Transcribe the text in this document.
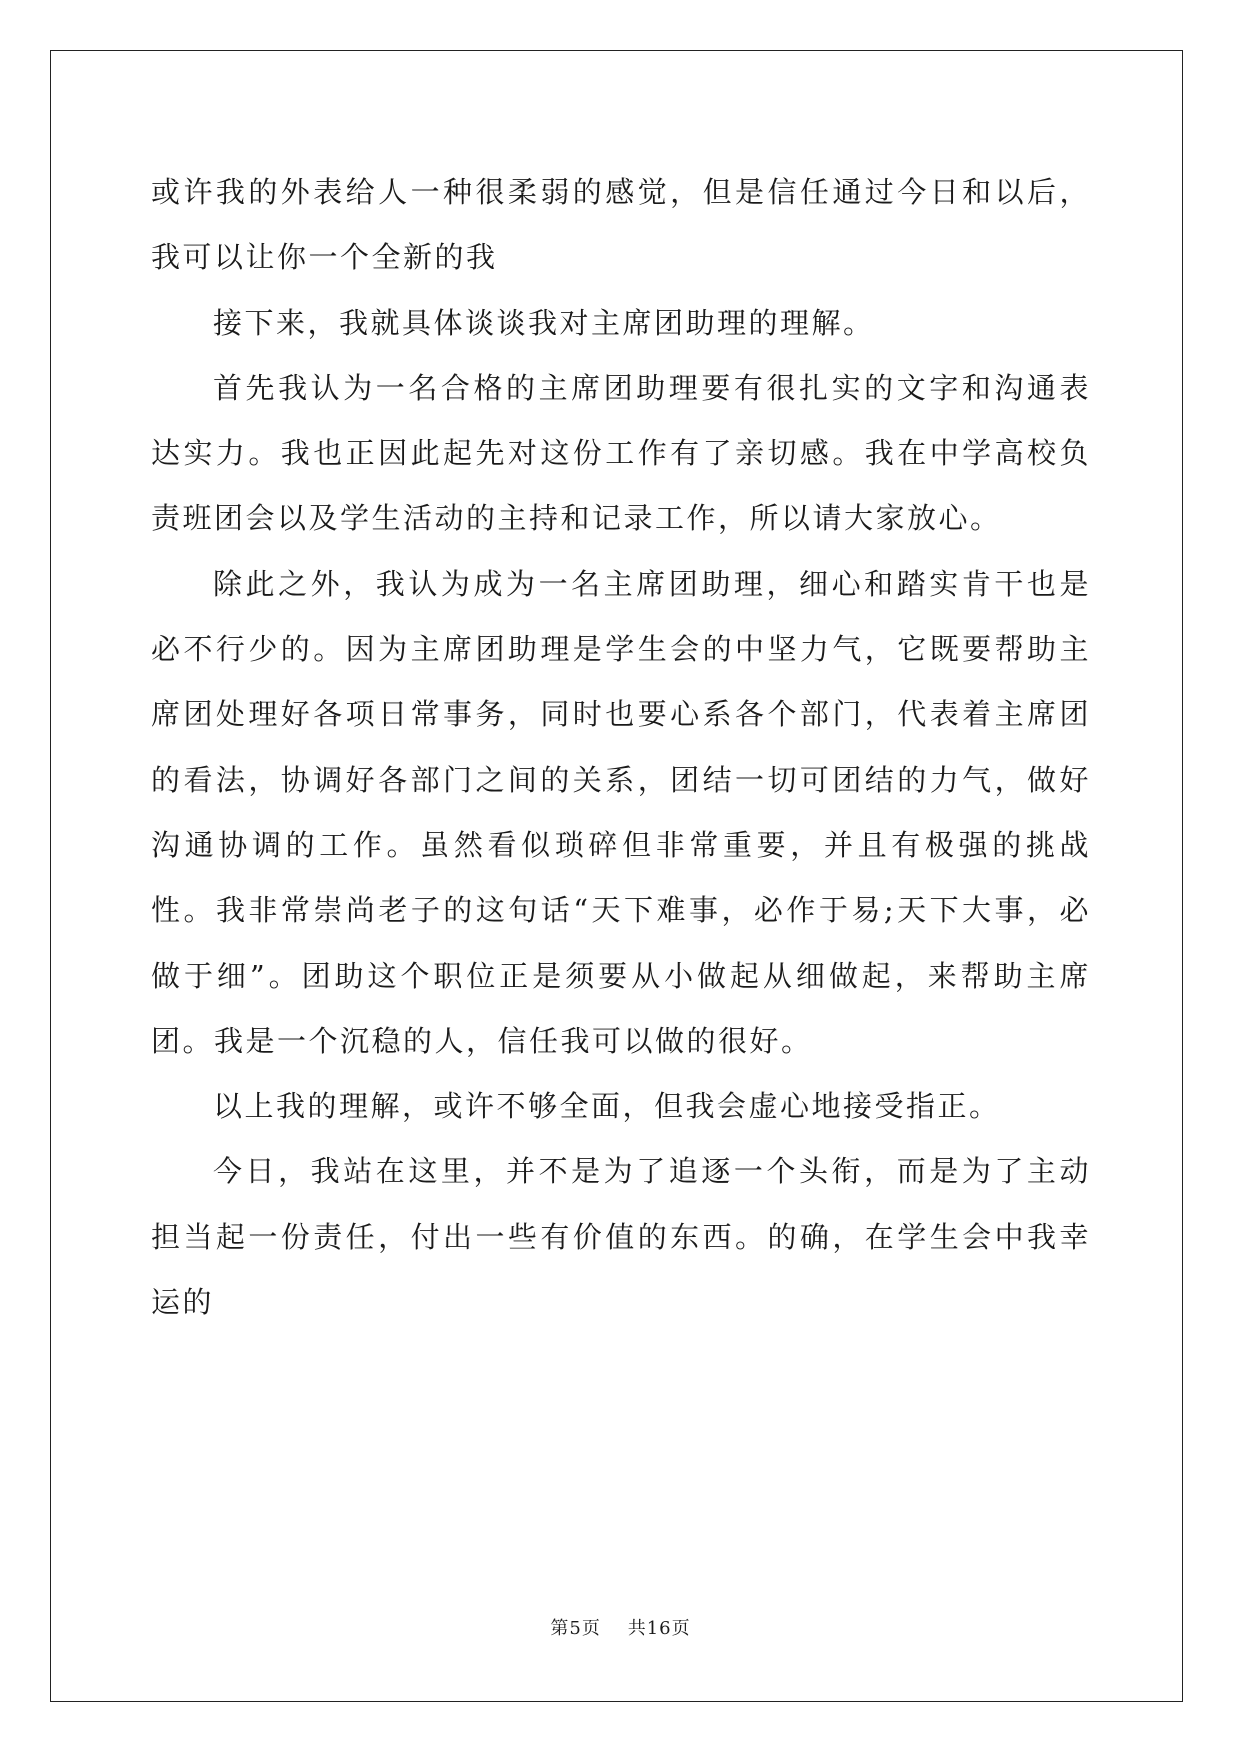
或许我的外表给人一种很柔弱的感觉，但是信任通过今日和以后，我可以让你一个全新的我

接下来，我就具体谈谈我对主席团助理的理解。

首先我认为一名合格的主席团助理要有很扎实的文字和沟通表达实力。我也正因此起先对这份工作有了亲切感。我在中学高校负责班团会以及学生活动的主持和记录工作，所以请大家放心。

除此之外，我认为成为一名主席团助理，细心和踏实肯干也是必不行少的。因为主席团助理是学生会的中坚力气，它既要帮助主席团处理好各项日常事务，同时也要心系各个部门，代表着主席团的看法，协调好各部门之间的关系，团结一切可团结的力气，做好沟通协调的工作。虽然看似琐碎但非常重要，并且有极强的挑战性。我非常崇尚老子的这句话“天下难事，必作于易;天下大事，必做于细”。团助这个职位正是须要从小做起从细做起，来帮助主席团。我是一个沉稳的人，信任我可以做的很好。

以上我的理解，或许不够全面，但我会虚心地接受指正。

今日，我站在这里，并不是为了追逐一个头衔，而是为了主动担当起一份责任，付出一些有价值的东西。的确，在学生会中我幸运的

第5页 共16页
